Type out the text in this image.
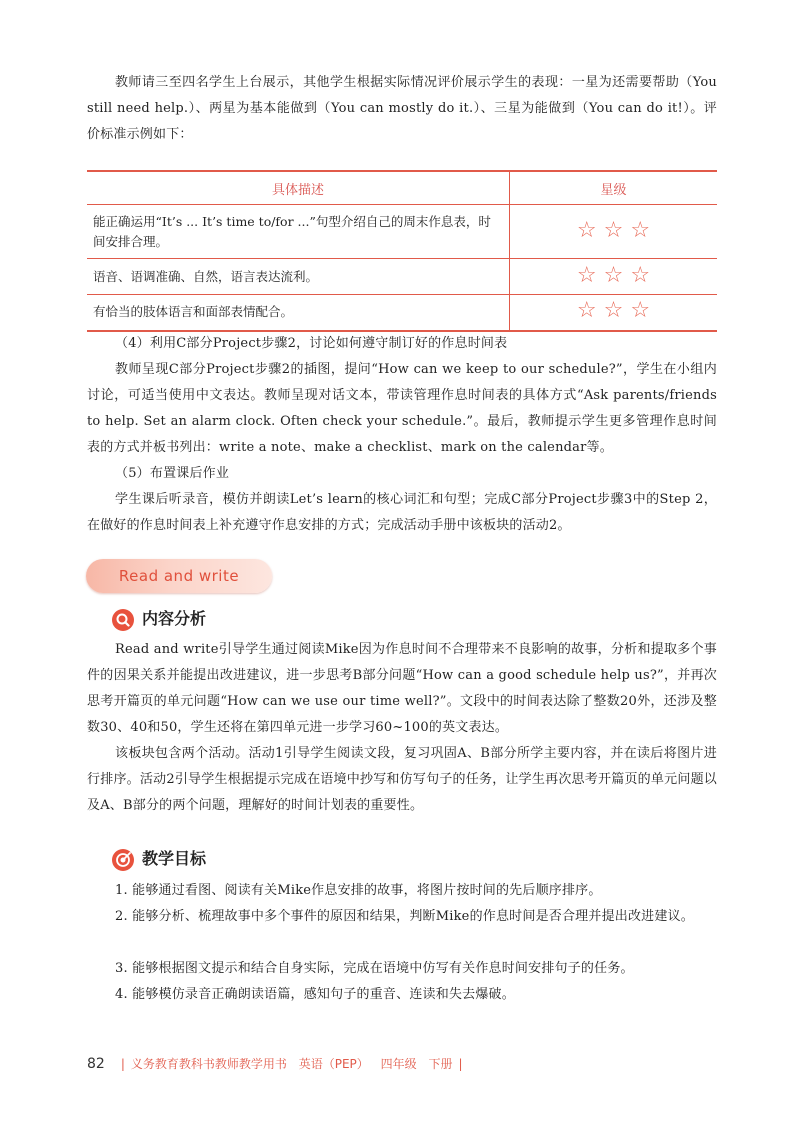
教师请三至四名学生上台展示，其他学生根据实际情况评价展示学生的表现：一星为还需要帮助（You still need help.）、两星为基本能做到（You can mostly do it.）、三星为能做到（You can do it!）。评价标准示例如下：

具体描述	星级
能正确运用“It’s ... It’s time to/for ...”句型介绍自己的周末作息表，时间安排合理。	☆ ☆ ☆
语音、语调准确、自然，语言表达流利。	☆ ☆ ☆
有恰当的肢体语言和面部表情配合。	☆ ☆ ☆

（4）利用C部分Project步骤2，讨论如何遵守制订好的作息时间表

教师呈现C部分Project步骤2的插图，提问“How can we keep to our schedule?”，学生在小组内讨论，可适当使用中文表达。教师呈现对话文本，带读管理作息时间表的具体方式“Ask parents/friends to help. Set an alarm clock. Often check your schedule.”。最后，教师提示学生更多管理作息时间表的方式并板书列出：write a note、make a checklist、mark on the calendar等。

（5）布置课后作业

学生课后听录音，模仿并朗读Let’s learn的核心词汇和句型；完成C部分Project步骤3中的Step 2，在做好的作息时间表上补充遵守作息安排的方式；完成活动手册中该板块的活动2。

Read and write
内容分析

Read and write引导学生通过阅读Mike因为作息时间不合理带来不良影响的故事，分析和提取多个事件的因果关系并能提出改进建议，进一步思考B部分问题“How can a good schedule help us?”，并再次思考开篇页的单元问题“How can we use our time well?”。文段中的时间表达除了整数20外，还涉及整数30、40和50，学生还将在第四单元进一步学习60~100的英文表达。

该板块包含两个活动。活动1引导学生阅读文段，复习巩固A、B部分所学主要内容，并在读后将图片进行排序。活动2引导学生根据提示完成在语境中抄写和仿写句子的任务，让学生再次思考开篇页的单元问题以及A、B部分的两个问题，理解好的时间计划表的重要性。

教学目标

1. 能够通过看图、阅读有关Mike作息安排的故事，将图片按时间的先后顺序排序。

2. 能够分析、梳理故事中多个事件的原因和结果，判断Mike的作息时间是否合理并提出改进建议。

3. 能够根据图文提示和结合自身实际，完成在语境中仿写有关作息时间安排句子的任务。

4. 能够模仿录音正确朗读语篇，感知句子的重音、连读和失去爆破。

82 | 义务教育教科书教师教学用书 英语（PEP） 四年级 下册 |
